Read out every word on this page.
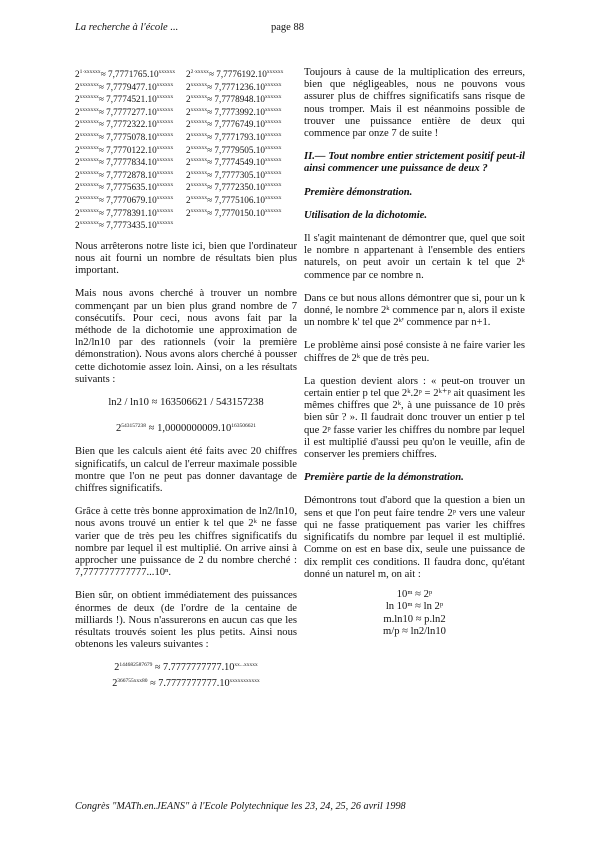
La recherche à l'école ...	page 88
$2^{1\cdot xxxxxx}\approx 7,7771765.10^{xxxxxx}$	$2^{2\cdot xxxxx}\approx 7,7776192.10^{xxxxxx}$
$2^{xxxxxxx}\approx 7,7779477.10^{xxxxxx}$	$2^{xxxxxx}\approx 7,7771236.10^{xxxxxx}$
$2^{xxxxxxx}\approx 7,7774521.10^{xxxxxx}$	$2^{xxxxxx}\approx 7,7778948.10^{xxxxxx}$
$2^{xxxxxxx}\approx 7,7777277.10^{xxxxxx}$	$2^{xxxxxx}\approx 7,7773992.10^{xxxxxx}$
$2^{xxxxxxx}\approx 7,7772322.10^{xxxxxx}$	$2^{xxxxxx}\approx 7,7776749.10^{xxxxxx}$
$2^{xxxxxxx}\approx 7,7775078.10^{xxxxxx}$	$2^{xxxxxx}\approx 7,7771793.10^{xxxxxx}$
$2^{xxxxxxx}\approx 7,7770122.10^{xxxxxx}$	$2^{xxxxxx}\approx 7,7779505.10^{xxxxxx}$
$2^{xxxxxxx}\approx 7,7777834.10^{xxxxxx}$	$2^{xxxxxx}\approx 7,7774549.10^{xxxxxx}$
$2^{xxxxxxx}\approx 7,7772878.10^{xxxxxx}$	$2^{xxxxxx}\approx 7,7777305.10^{xxxxxx}$
$2^{xxxxxxx}\approx 7,7775635.10^{xxxxxx}$	$2^{xxxxxx}\approx 7,7772350.10^{xxxxxx}$
$2^{xxxxxxx}\approx 7,7770679.10^{xxxxxx}$	$2^{xxxxxx}\approx 7,7775106.10^{xxxxxx}$
$2^{xxxxxxx}\approx 7,7778391.10^{xxxxxx}$	$2^{xxxxxx}\approx 7,7770150.10^{xxxxxx}$
$2^{xxxxxxx}\approx 7,7773435.10^{xxxxxx}$

Nous arrêterons notre liste ici, bien que l'ordinateur nous ait fourni un nombre de résultats bien plus important.

Mais nous avons cherché à trouver un nombre commençant par un bien plus grand nombre de 7 consécutifs. Pour ceci, nous avons fait par la méthode de la dichotomie une approximation de ln2/ln10 par des rationnels (voir la première démonstration). Nous avons alors cherché à pousser cette dichotomie assez loin. Ainsi, on a les résultats suivants :

ln2 / ln10 ≈ 163506621 / 543157238
$2^{543157238} \approx 1,0000000009.10^{163506621}$

Bien que les calculs aient été faits avec 20 chiffres significatifs, un calcul de l'erreur maximale possible montre que l'on ne peut pas donner davantage de chiffres significatifs.

Grâce à cette très bonne approximation de ln2/ln10, nous avons trouvé un entier k tel que 2ᵏ ne fasse varier que de très peu les chiffres significatifs du nombre par lequel il est multiplié. On arrive ainsi à approcher une puissance de 2 du nombre cherché : 7,777777777777...10ⁿ.

Bien sûr, on obtient immédiatement des puissances énormes de deux (de l'ordre de la centaine de milliards !). Nous n'assurerons en aucun cas que les résultats trouvés soient les plus petits. Ainsi nous obtenons les valeurs suivantes :

$2^{144682587679} \approx 7.7777777777.10^{xx...xxxxx}$
$2^{366755xxx80} \approx 7.7777777777.10^{xxxxxxxxxxx}$

Toujours à cause de la multiplication des erreurs, bien que négligeables, nous ne pouvons vous assurer plus de chiffres significatifs sans risque de nous tromper. Mais il est néanmoins possible de trouver une puissance entière de deux qui commence par onze 7 de suite !

II.— Tout nombre entier strictement positif peut-il ainsi commencer une puissance de deux ?

Première démonstration.

Utilisation de la dichotomie.

Il s'agit maintenant de démontrer que, quel que soit le nombre n appartenant à l'ensemble des entiers naturels, on peut avoir un certain k tel que 2ᵏ commence par ce nombre n.

Dans ce but nous allons démontrer que si, pour un k donné, le nombre 2ᵏ commence par n, alors il existe un nombre k' tel que 2ᵏ' commence par n+1.

Le problème ainsi posé consiste à ne faire varier les chiffres de 2ᵏ que de très peu.

La question devient alors : « peut-on trouver un certain entier p tel que 2ᵏ.2ᵖ = 2ᵏ⁺ᵖ ait quasiment les mêmes chiffres que 2ᵏ, à une puissance de 10 près bien sûr ? ». Il faudrait donc trouver un entier p tel que 2ᵖ fasse varier les chiffres du nombre par lequel il est multiplié d'aussi peu qu'on le veuille, afin de conserver les premiers chiffres.

Première partie de la démonstration.

Démontrons tout d'abord que la question a bien un sens et que l'on peut faire tendre 2ᵖ vers une valeur qui ne fasse pratiquement pas varier les chiffres significatifs du nombre par lequel il est multiplié. Comme on est en base dix, seule une puissance de dix remplit ces conditions. Il faudra donc, qu'étant donné un naturel m, on ait :

10ᵐ ≈ 2ᵖ
ln 10ᵐ ≈ ln 2ᵖ
m.ln10 ≈ p.ln2
m/p ≈ ln2/ln10
Congrès "MATh.en.JEANS" à l'Ecole Polytechnique les 23, 24, 25, 26 avril 1998
